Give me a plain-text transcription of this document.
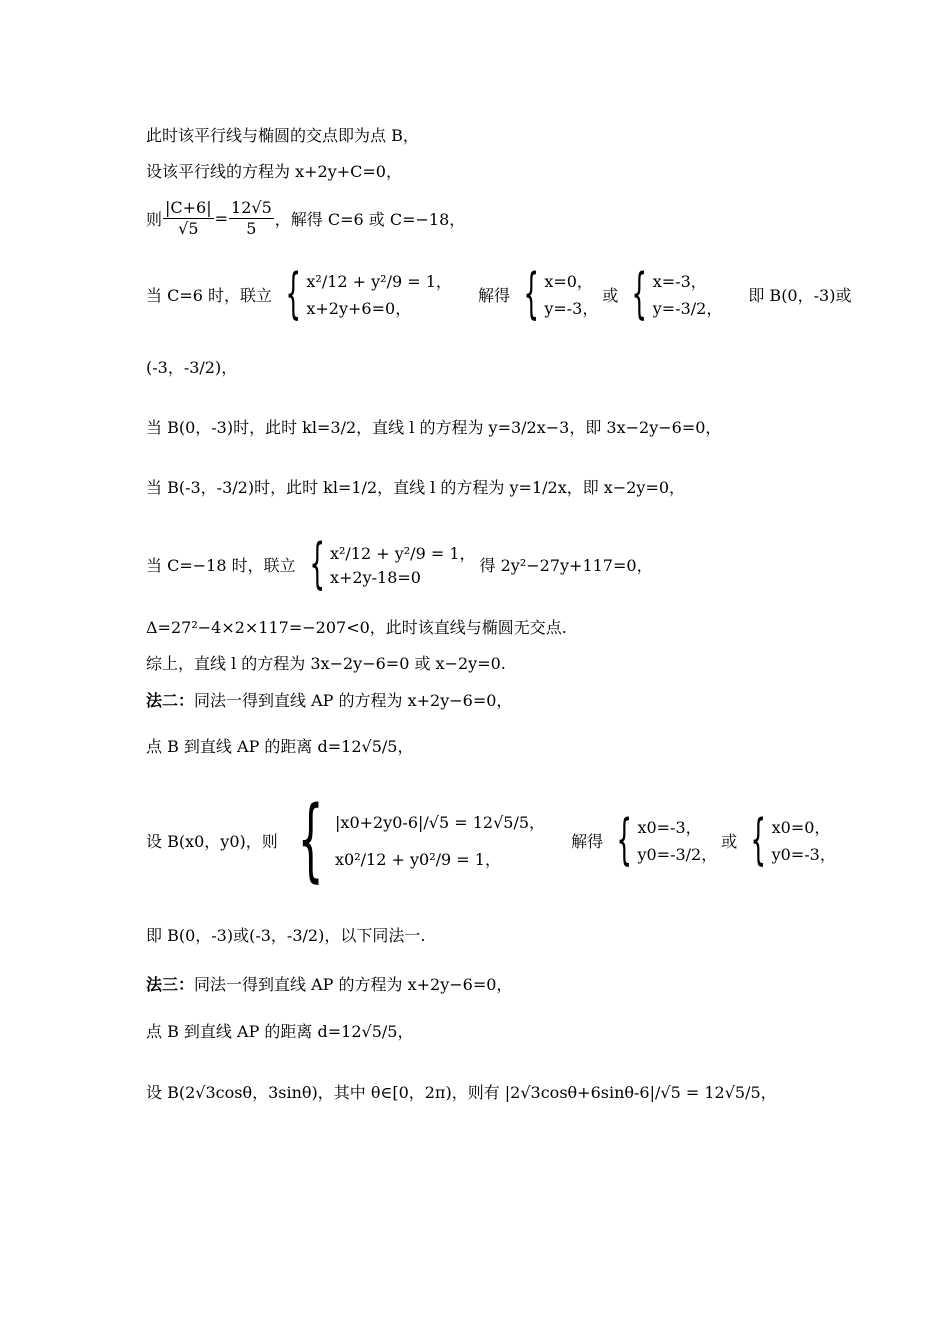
此时该平行线与椭圆的交点即为点 B，
设该平行线的方程为 x+2y+C=0，
则 $\frac{|C+6|}{√5} = \frac{12√5}{5}$ ，解得 C=6 或 C=−18，
当 C=6 时，联立 { x²/12 + y²/9 = 1，
x+2y+6=0，
解得 { x=0，
y=-3，
或 { x=-3，
y=-3/2，
即 B(0，-3)或
(-3，-3/2)，
当 B(0，-3)时，此时 kl=3/2，直线 l 的方程为 y=3/2x−3，即 3x−2y−6=0，
当 B(-3，-3/2)时，此时 kl=1/2，直线 l 的方程为 y=1/2x，即 x−2y=0，
当 C=−18 时，联立 { x²/12 + y²/9 = 1，
x+2y-18=0
得 2y²−27y+117=0，
Δ=27²−4×2×117=−207<0，此时该直线与椭圆无交点.
综上，直线 l 的方程为 3x−2y−6=0 或 x−2y=0.
法二：同法一得到直线 AP 的方程为 x+2y−6=0，
点 B 到直线 AP 的距离 d=12√5/5，
设 B(x0，y0)，则 { |x0+2y0-6|/√5 = 12√5/5，
x0²/12 + y0²/9 = 1，
解得 { x0=-3，
y0=-3/2，
或 { x0=0，
y0=-3，
即 B(0，-3)或(-3，-3/2)，以下同法一.
法三：同法一得到直线 AP 的方程为 x+2y−6=0，
点 B 到直线 AP 的距离 d=12√5/5，
设 B(2√3cosθ，3sinθ)，其中 θ∈[0，2π)，则有 |2√3cosθ+6sinθ-6|/√5 = 12√5/5，
